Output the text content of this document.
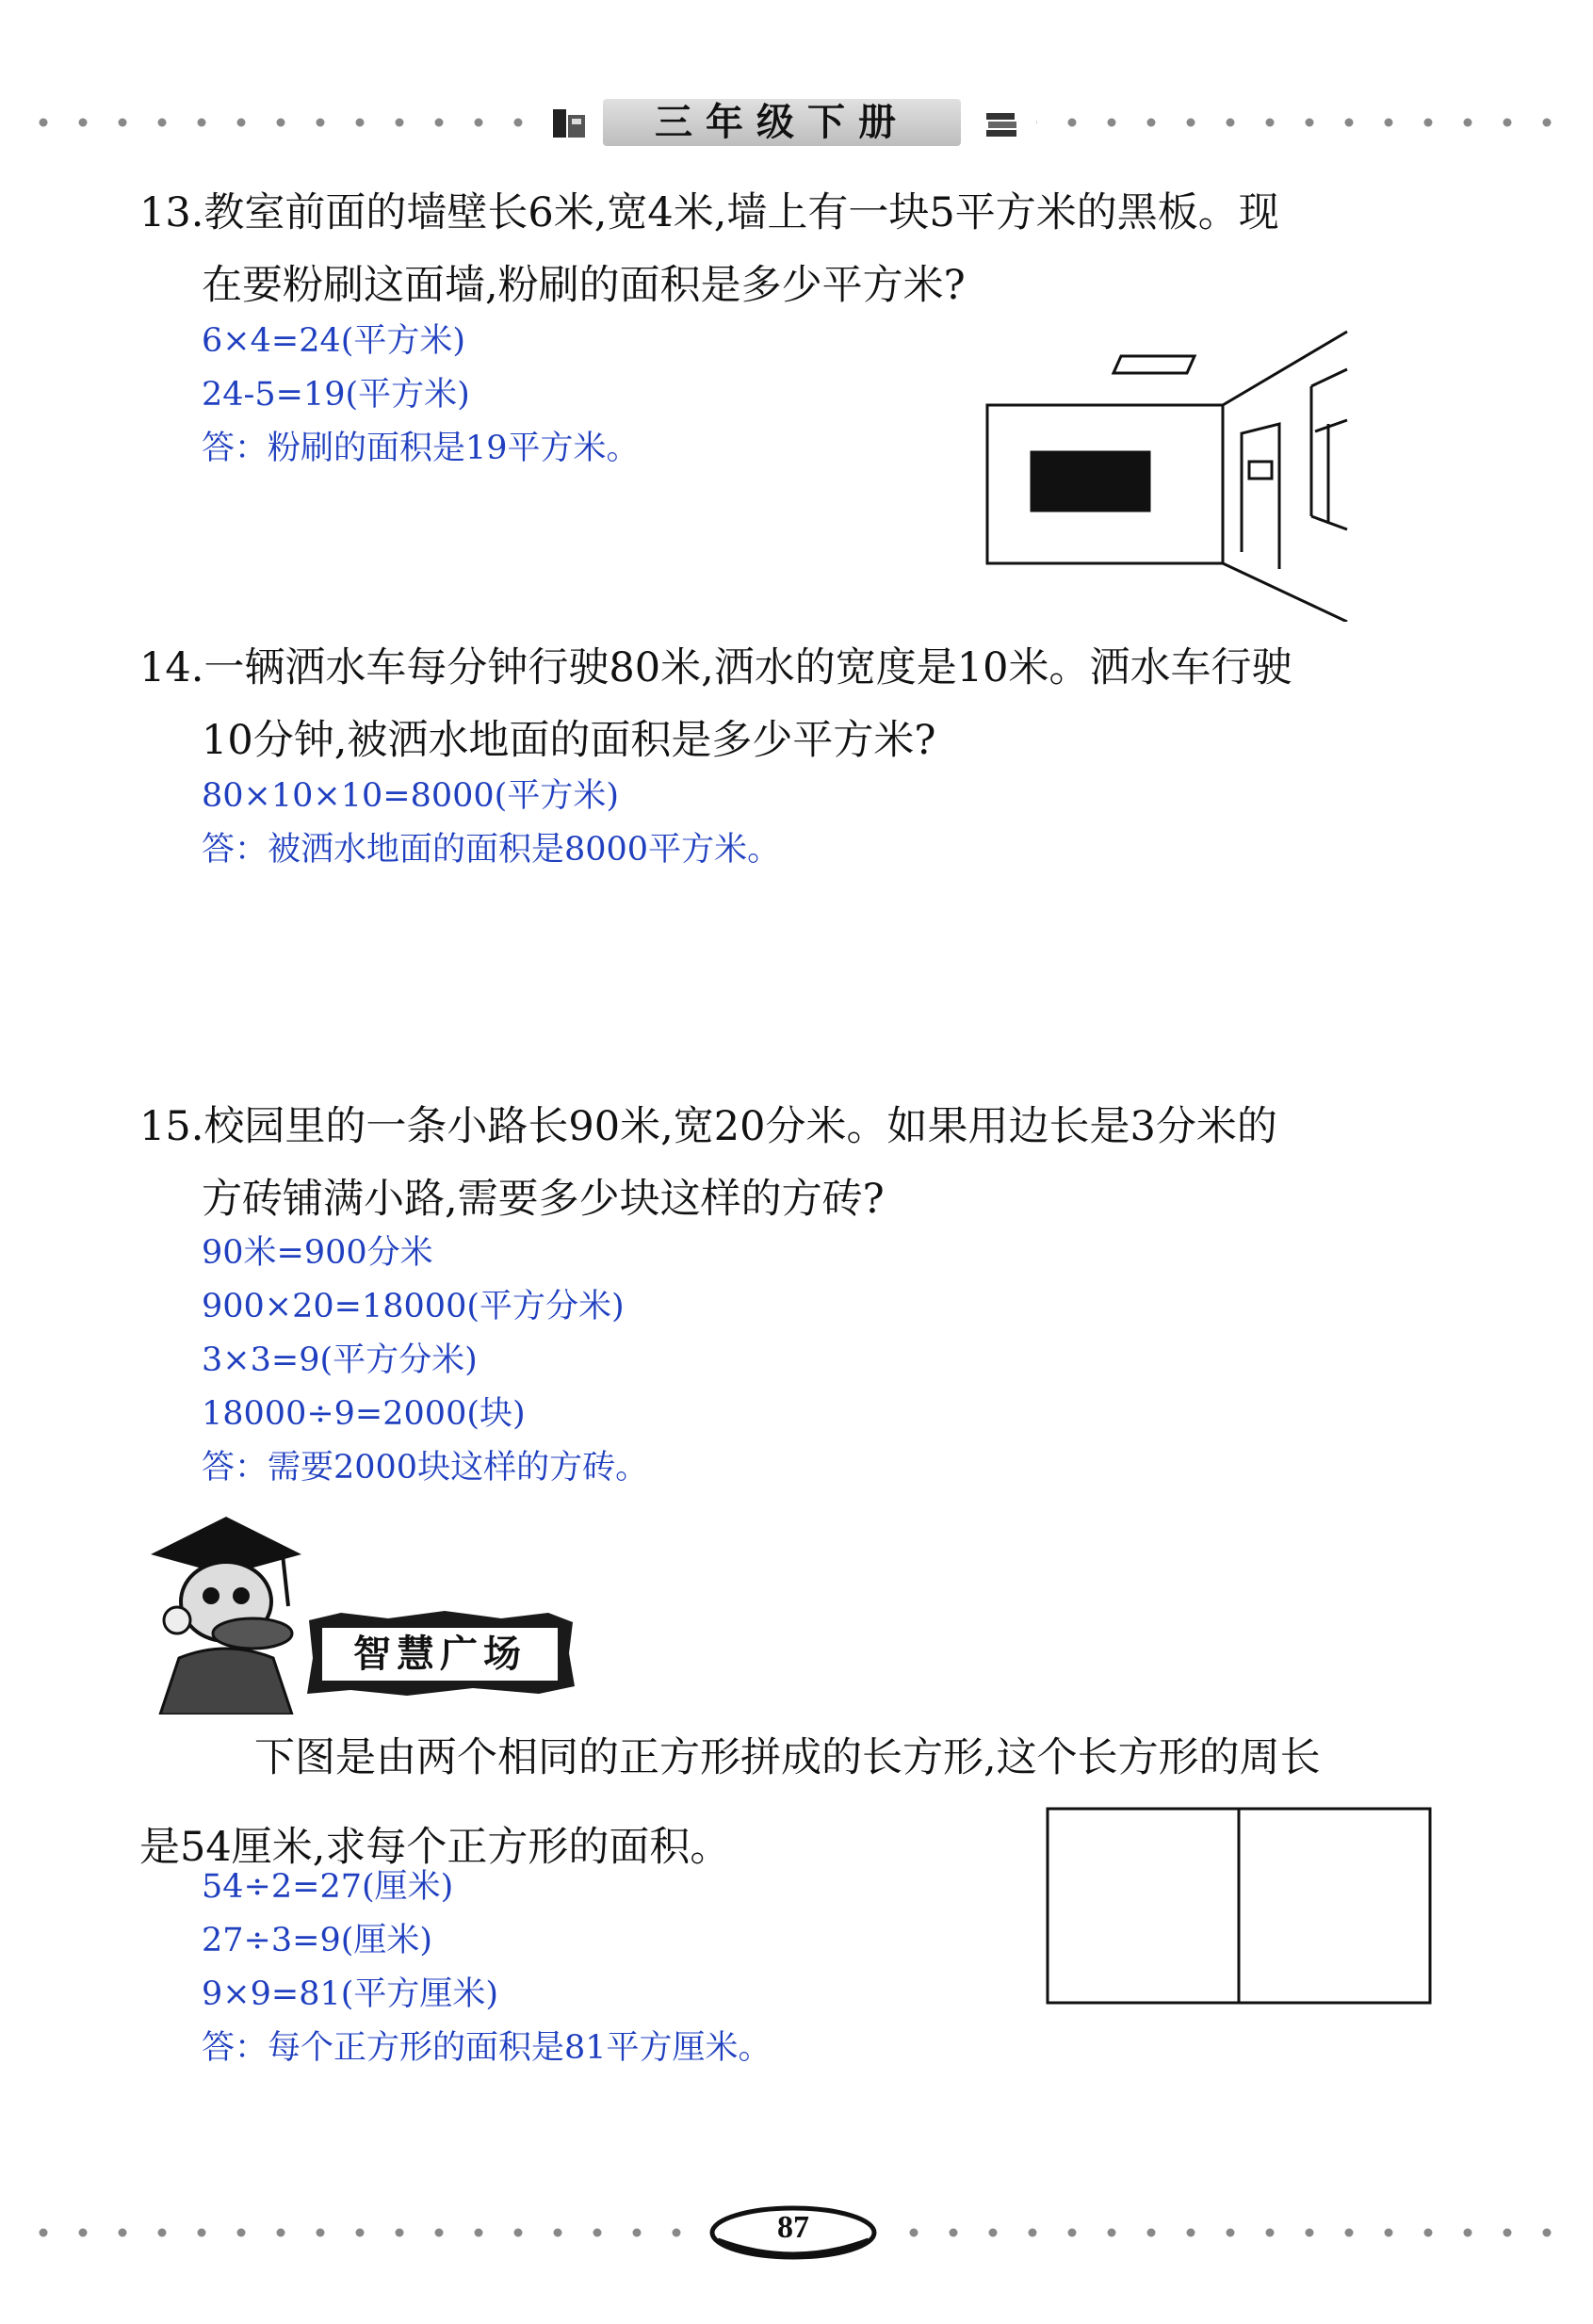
三年级下册
13.教室前面的墙壁长6米,宽4米,墙上有一块5平方米的黑板。现
在要粉刷这面墙,粉刷的面积是多少平方米?
6×4=24(平方米)
24-5=19(平方米)
答：粉刷的面积是19平方米。
14.一辆洒水车每分钟行驶80米,洒水的宽度是10米。洒水车行驶
10分钟,被洒水地面的面积是多少平方米?
80×10×10=8000(平方米)
答：被洒水地面的面积是8000平方米。
15.校园里的一条小路长90米,宽20分米。如果用边长是3分米的
方砖铺满小路,需要多少块这样的方砖?
90米=900分米
900×20=18000(平方分米)
3×3=9(平方分米)
18000÷9=2000(块)
答：需要2000块这样的方砖。
智慧广场
下图是由两个相同的正方形拼成的长方形,这个长方形的周长
是54厘米,求每个正方形的面积。
54÷2=27(厘米)
27÷3=9(厘米)
9×9=81(平方厘米)
答：每个正方形的面积是81平方厘米。
87
